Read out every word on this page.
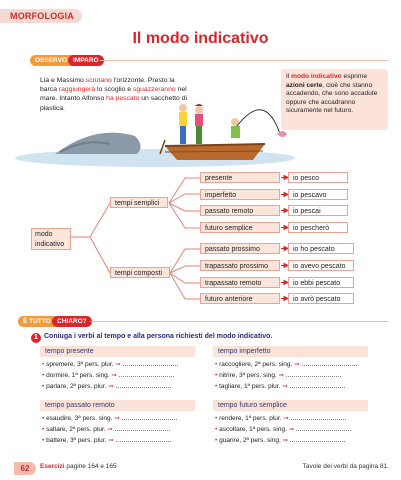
MORFOLOGIA
Il modo indicativo
OSSERVO IMPARO
Lia e Massimo scrutano l'orizzonte. Presto la barca raggiungerà lo scoglio e sguazzeranno nel mare. Intanto Alfonso ha pescato un sacchetto di plastica.
Il modo indicativo esprime azioni certe, cioè che stanno accadendo, che sono accadute oppure che accadranno sicuramente nel futuro.
modo indicativo
tempi semplici
tempi composti
presente	io pesco
imperfetto	io pescavo
passato remoto	io pescai
futuro semplice	io pescherò
passato prossimo	io ho pescato
trapassato prossimo	io avevo pescato
trapassato remoto	io ebbi pescato
futuro anteriore	io avrò pescato
È TUTTO CHIARO?
1 Coniuga i verbi al tempo e alla persona richiesti del modo indicativo.
tempo presente
• spremere, 3ª pers. plur. ➞
• dormire, 1ª pers. sing. ➞
• parlare, 2ª pers. plur. ➞
tempo imperfetto
• raccogliere, 2ª pers. sing. ➞
• nitrire, 3ª pers. sing. ➞
• tagliare, 1ª pers. plur. ➞
tempo passato remoto
• esaudire, 3ª pers. sing. ➞
• saltare, 2ª pers. plur. ➞
• battere, 3ª pers. plur. ➞
tempo futuro semplice
• rendere, 1ª pers. plur. ➞
• ascoltare, 1ª pers. sing. ➞
• guarire, 2ª pers. sing. ➞
62	Esercizi pagine 164 e 165	Tavole dei verbi da pagina 81.
